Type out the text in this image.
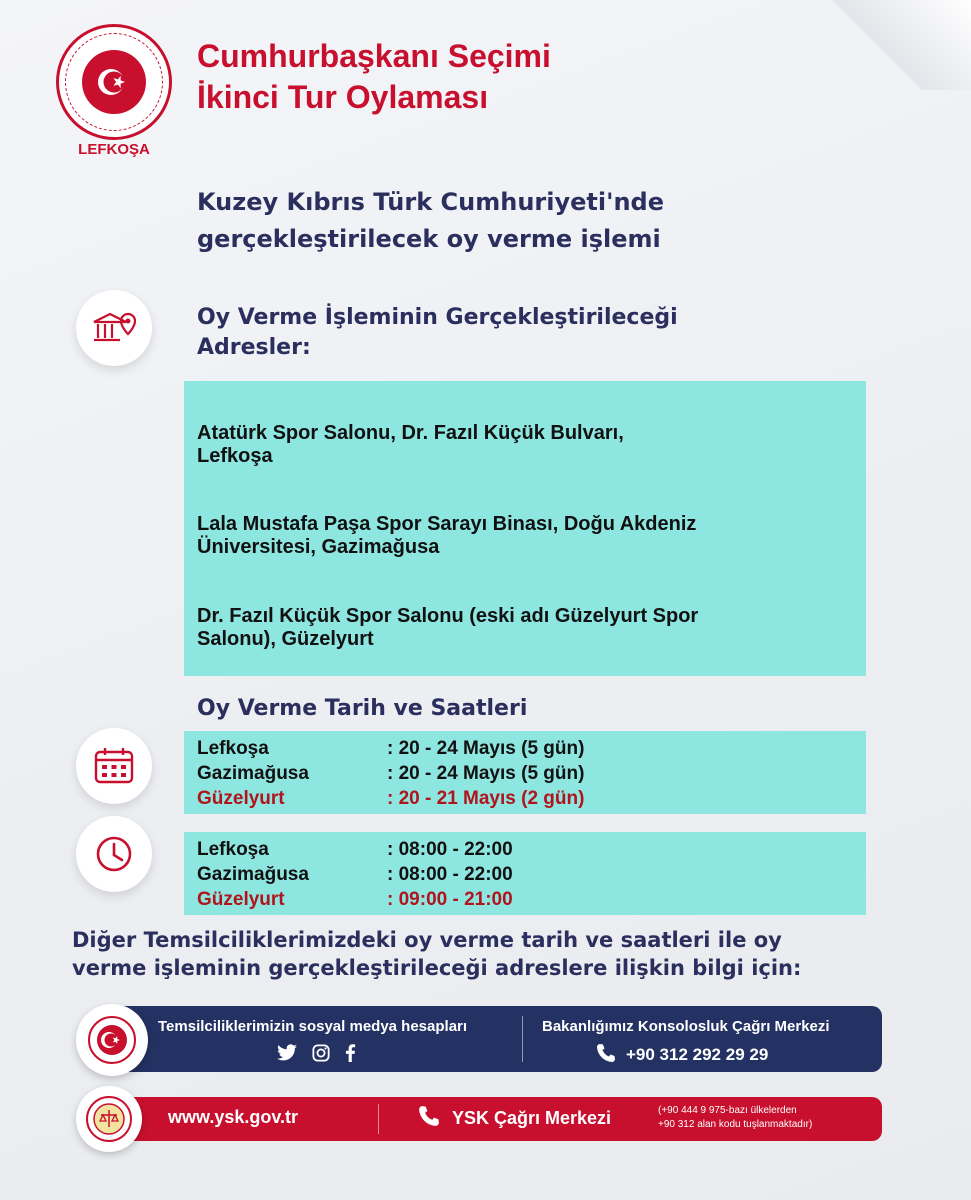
LEFKOŞA
Cumhurbaşkanı Seçimi
İkinci Tur Oylaması
Kuzey Kıbrıs Türk Cumhuriyeti'nde
gerçekleştirilecek oy verme işlemi
Oy Verme İşleminin Gerçekleştirileceği
Adresler:
Atatürk Spor Salonu, Dr. Fazıl Küçük Bulvarı,
Lefkoşa
Lala Mustafa Paşa Spor Sarayı Binası, Doğu Akdeniz
Üniversitesi, Gazimağusa
Dr. Fazıl Küçük Spor Salonu (eski adı Güzelyurt Spor
Salonu), Güzelyurt
Oy Verme Tarih ve Saatleri
Lefkoşa	: 20 - 24 Mayıs (5 gün)
Gazimağusa	: 20 - 24 Mayıs (5 gün)
Güzelyurt	: 20 - 21 Mayıs (2 gün)
Lefkoşa	: 08:00 - 22:00
Gazimağusa	: 08:00 - 22:00
Güzelyurt	: 09:00 - 21:00
Diğer Temsilciliklerimizdeki oy verme tarih ve saatleri ile oy
verme işleminin gerçekleştirileceği adreslere ilişkin bilgi için:
Temsilciliklerimizin sosyal medya hesapları	Bakanlığımız Konsolosluk Çağrı Merkezi
+90 312 292 29 29
www.ysk.gov.tr	YSK Çağrı Merkezi	(+90 444 9 975-bazı ülkelerden
+90 312 alan kodu tuşlanmaktadır)
